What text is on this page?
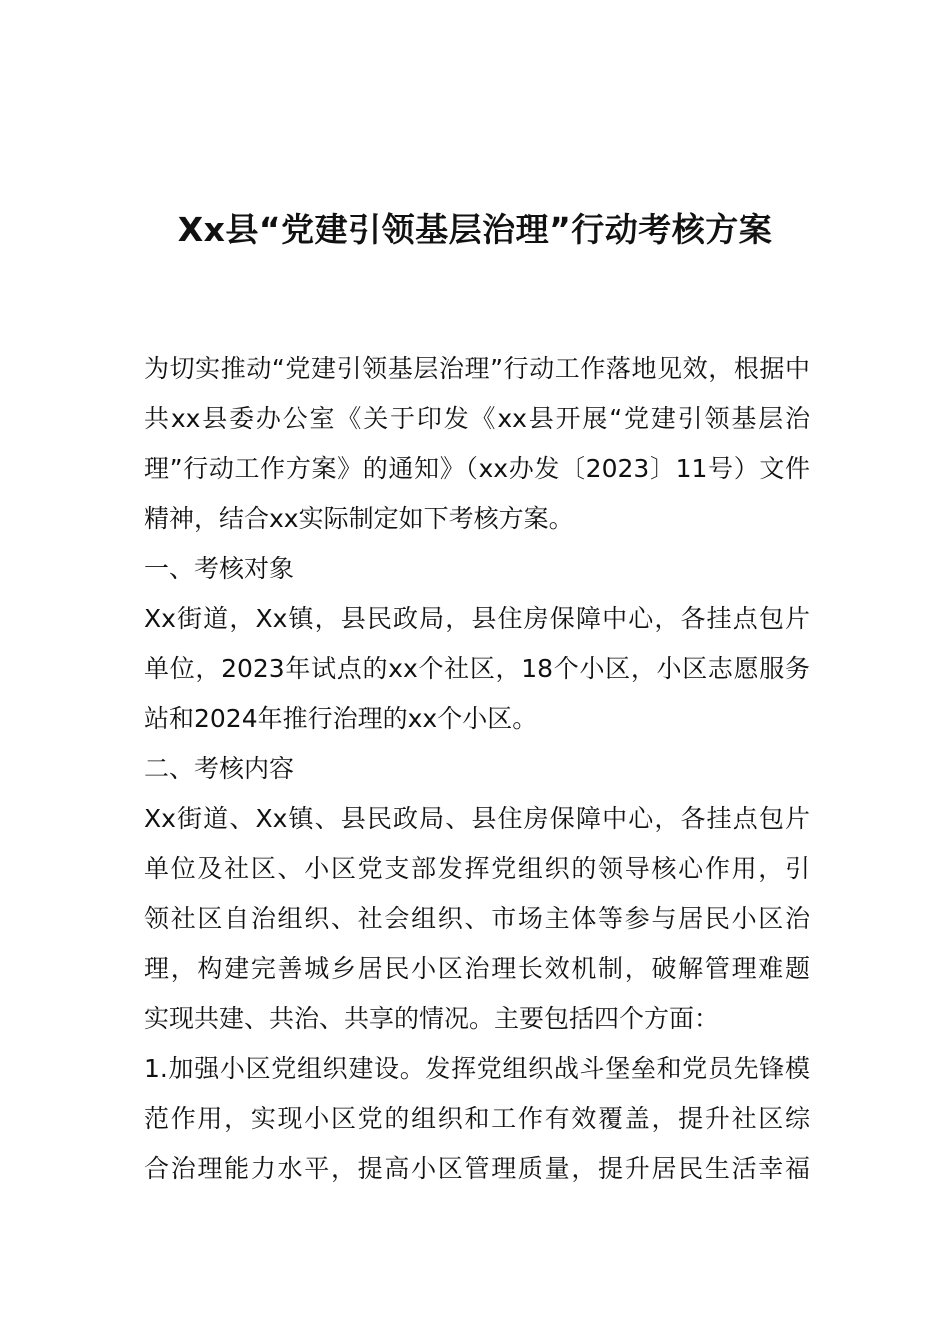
Xx县“党建引领基层治理”行动考核方案
为切实推动“党建引领基层治理”行动工作落地见效，根据中
共xx县委办公室《关于印发《xx县开展“党建引领基层治
理”行动工作方案》的通知》（xx办发〔2023〕11号）文件
精神，结合xx实际制定如下考核方案。
一、考核对象
Xx街道，Xx镇，县民政局，县住房保障中心，各挂点包片
单位，2023年试点的xx个社区，18个小区，小区志愿服务
站和2024年推行治理的xx个小区。
二、考核内容
Xx街道、Xx镇、县民政局、县住房保障中心，各挂点包片
单位及社区、小区党支部发挥党组织的领导核心作用，引
领社区自治组织、社会组织、市场主体等参与居民小区治
理，构建完善城乡居民小区治理长效机制，破解管理难题
实现共建、共治、共享的情况。主要包括四个方面：
1.加强小区党组织建设。发挥党组织战斗堡垒和党员先锋模
范作用，实现小区党的组织和工作有效覆盖，提升社区综
合治理能力水平，提高小区管理质量，提升居民生活幸福
